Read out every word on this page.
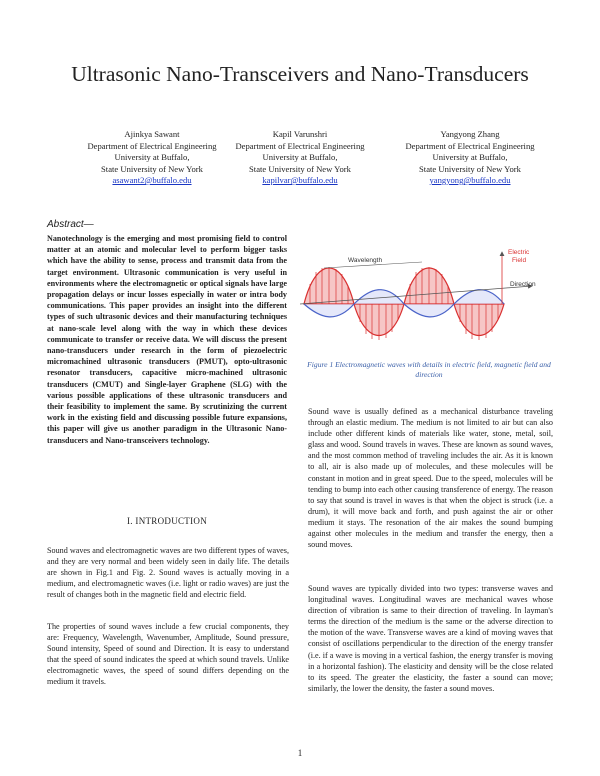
Ultrasonic Nano-Transceivers and Nano-Transducers
Ajinkya Sawant
Department of Electrical Engineering
University at Buffalo,
State University of New York
asawant2@buffalo.edu
Kapil Varunshri
Department of Electrical Engineering
University at Buffalo,
State University of New York
kapilvar@buffalo.edu
Yangyong Zhang
Department of Electrical Engineering
University at Buffalo,
State University of New York
yangyong@buffalo.edu
Abstract—
Nanotechnology is the emerging and most promising field to control matter at an atomic and molecular level to perform bigger tasks which have the ability to sense, process and transmit data from the target environment. Ultrasonic communication is very useful in environments where the electromagnetic or optical signals have large propagation delays or incur losses especially in water or intra body communications. This paper provides an insight into the different types of such ultrasonic devices and their manufacturing techniques at nano-scale level along with the way in which these devices communicate to transfer or receive data. We will discuss the present nano-transducers under research in the form of piezoelectric micromachined ultrasonic transducers (PMUT), opto-ultrasonic resonator transducers, capacitive micro-machined ultrasonic transducers (CMUT) and Single-layer Graphene (SLG) with the various possible applications of these ultrasonic transducers and their feasibility to implement the same. By scrutinizing the current work in the existing field and discussing possible future expansions, this paper will give us another paradigm in the Ultrasonic Nano-transducers and Nano-transceivers technology.
I. INTRODUCTION
Sound waves and electromagnetic waves are two different types of waves, and they are very normal and been widely seen in daily life. The details are shown in Fig.1 and Fig. 2. Sound waves is actually moving in a medium, and electromagnetic waves (i.e. light or radio waves) are just the result of changes both in the magnetic field and electric field.
The properties of sound waves include a few crucial components, they are: Frequency, Wavelength, Wavenumber, Amplitude, Sound pressure, Sound intensity, Speed of sound and Direction. It is easy to understand that the speed of sound indicates the speed at which sound travels. Unlike electromagnetic waves, the speed of sound differs depending on the medium it travels.
Wavelength
Electric
Field
Direction
Figure 1 Electromagnetic waves with details in electric field, magnetic field and direction
Sound wave is usually defined as a mechanical disturbance traveling through an elastic medium. The medium is not limited to air but can also include other different kinds of materials like water, stone, metal, soil, glass and wood. Sound travels in waves. These are known as sound waves, and the most common method of traveling includes the air. As it is known to all, air is also made up of molecules, and these molecules will be constant in motion and in great speed. Due to the speed, molecules will be tending to bump into each other causing transference of energy. The reason to say that sound is travel in waves is that when the object is struck (i.e. a drum), it will move back and forth, and push against the air or other medium it stays. The resonation of the air makes the sound bumping against other molecules in the medium and transfer the energy, then a sound moves.
Sound waves are typically divided into two types: transverse waves and longitudinal waves. Longitudinal waves are mechanical waves whose direction of vibration is same to their direction of traveling. In layman's terms the direction of the medium is the same or the adverse direction to the motion of the wave. Transverse waves are a kind of moving waves that consist of oscillations perpendicular to the direction of the energy transfer (i.e. if a wave is moving in a vertical fashion, the energy transfer is moving in a horizontal fashion). The elasticity and density will be the close related to its speed. The greater the elasticity, the faster a sound can move; similarly, the lower the density, the faster a sound moves.
1
